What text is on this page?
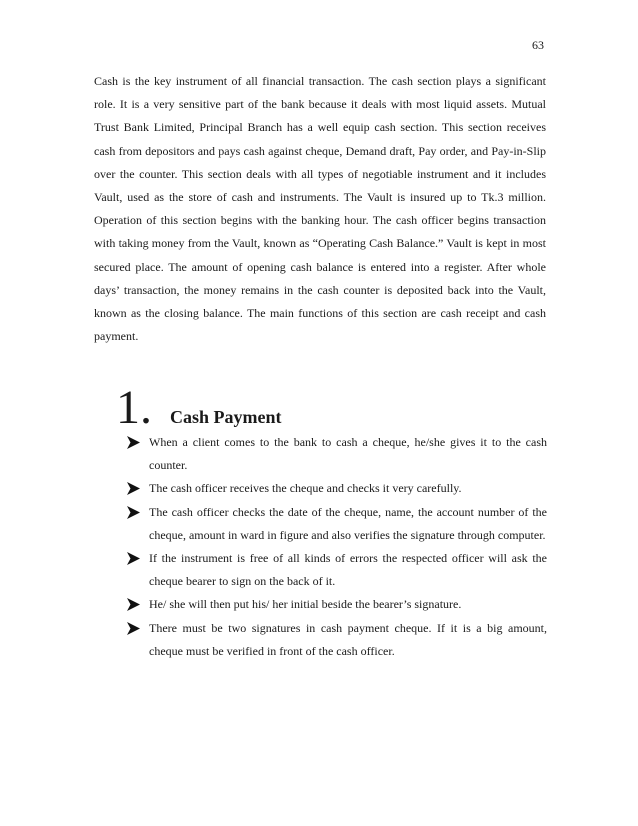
63

Cash is the key instrument of all financial transaction. The cash section plays a significant role. It is a very sensitive part of the bank because it deals with most liquid assets. Mutual Trust Bank Limited, Principal Branch has a well equip cash section. This section receives cash from depositors and pays cash against cheque, Demand draft, Pay order, and Pay-in-Slip over the counter. This section deals with all types of negotiable instrument and it includes Vault, used as the store of cash and instruments. The Vault is insured up to Tk.3 million. Operation of this section begins with the banking hour. The cash officer begins transaction with taking money from the Vault, known as “Operating Cash Balance.” Vault is kept in most secured place. The amount of opening cash balance is entered into a register. After whole days’ transaction, the money remains in the cash counter is deposited back into the Vault, known as the closing balance. The main functions of this section are cash receipt and cash payment.

1.	Cash Payment
When a client comes to the bank to cash a cheque, he/she gives it to the cash counter.
The cash officer receives the cheque and checks it very carefully.
The cash officer checks the date of the cheque, name, the account number of the cheque, amount in ward in figure and also verifies the signature through computer.
If the instrument is free of all kinds of errors the respected officer will ask the cheque bearer to sign on the back of it.
He/ she will then put his/ her initial beside the bearer’s signature.
There must be two signatures in cash payment cheque. If it is a big amount, cheque must be verified in front of the cash officer.
